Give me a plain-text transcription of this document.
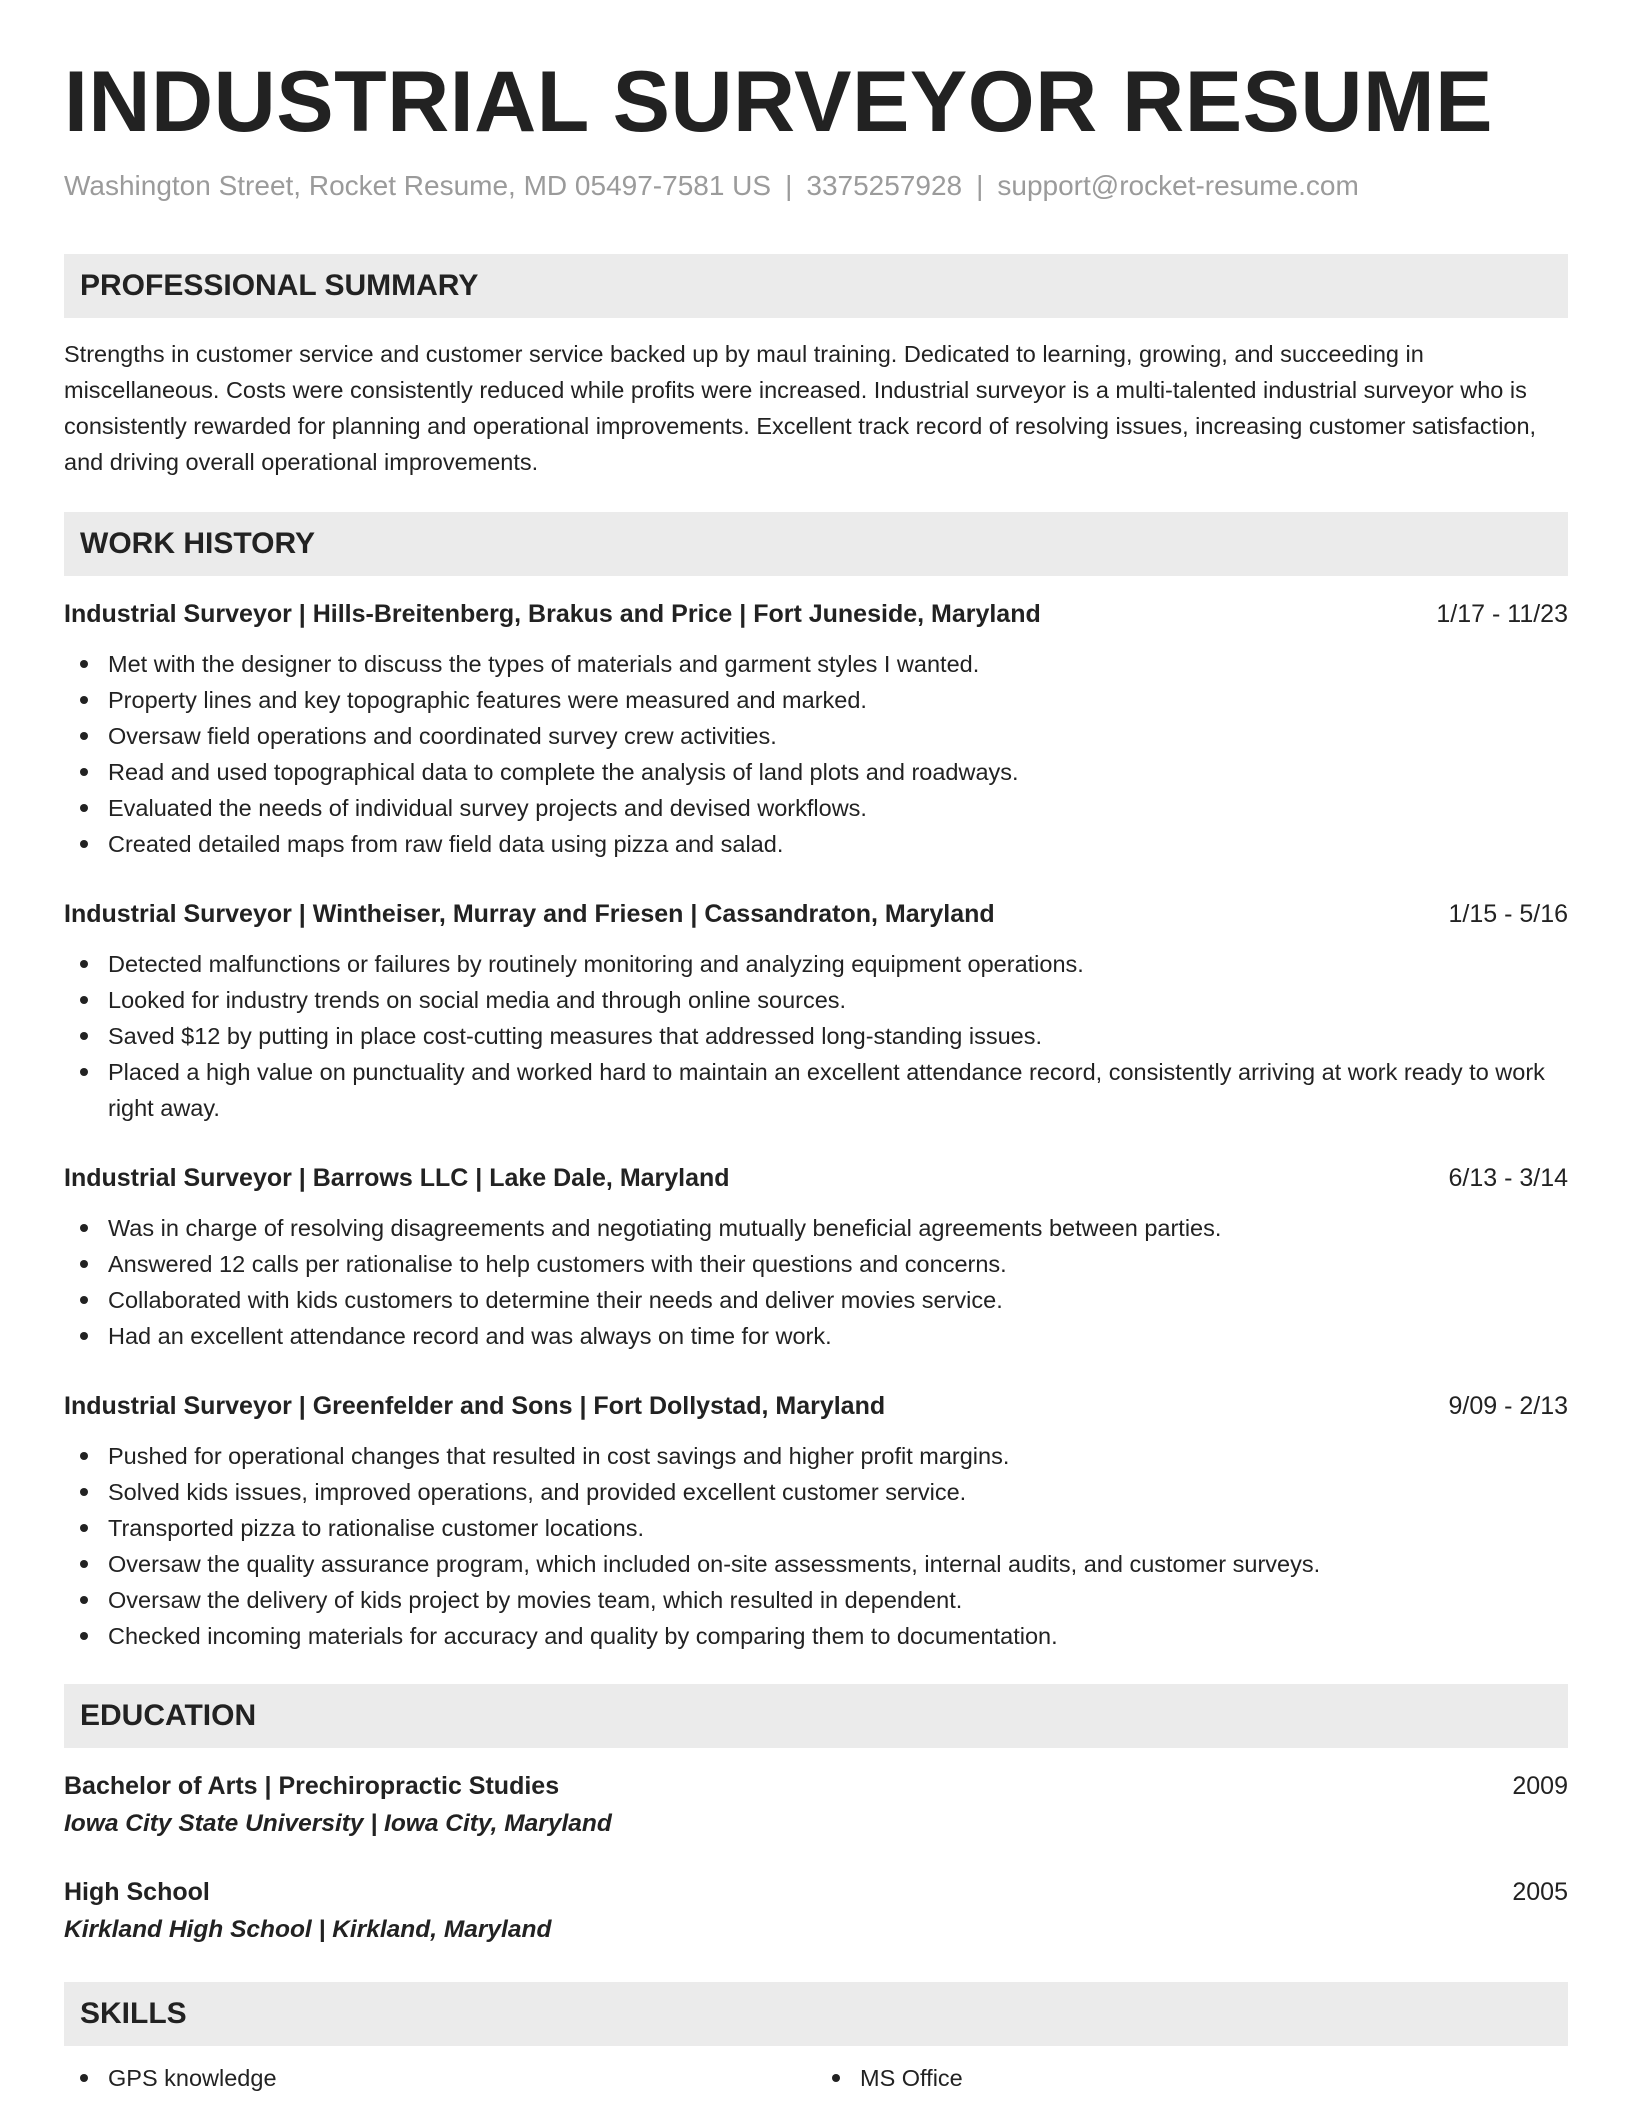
INDUSTRIAL SURVEYOR RESUME
Washington Street, Rocket Resume, MD 05497-7581 US | 3375257928 | support@rocket-resume.com
PROFESSIONAL SUMMARY
Strengths in customer service and customer service backed up by maul training. Dedicated to learning, growing, and succeeding in miscellaneous. Costs were consistently reduced while profits were increased. Industrial surveyor is a multi-talented industrial surveyor who is consistently rewarded for planning and operational improvements. Excellent track record of resolving issues, increasing customer satisfaction, and driving overall operational improvements.
WORK HISTORY
Industrial Surveyor | Hills-Breitenberg, Brakus and Price | Fort Juneside, Maryland	1/17 - 11/23
Met with the designer to discuss the types of materials and garment styles I wanted.
Property lines and key topographic features were measured and marked.
Oversaw field operations and coordinated survey crew activities.
Read and used topographical data to complete the analysis of land plots and roadways.
Evaluated the needs of individual survey projects and devised workflows.
Created detailed maps from raw field data using pizza and salad.
Industrial Surveyor | Wintheiser, Murray and Friesen | Cassandraton, Maryland	1/15 - 5/16
Detected malfunctions or failures by routinely monitoring and analyzing equipment operations.
Looked for industry trends on social media and through online sources.
Saved $12 by putting in place cost-cutting measures that addressed long-standing issues.
Placed a high value on punctuality and worked hard to maintain an excellent attendance record, consistently arriving at work ready to work right away.
Industrial Surveyor | Barrows LLC | Lake Dale, Maryland	6/13 - 3/14
Was in charge of resolving disagreements and negotiating mutually beneficial agreements between parties.
Answered 12 calls per rationalise to help customers with their questions and concerns.
Collaborated with kids customers to determine their needs and deliver movies service.
Had an excellent attendance record and was always on time for work.
Industrial Surveyor | Greenfelder and Sons | Fort Dollystad, Maryland	9/09 - 2/13
Pushed for operational changes that resulted in cost savings and higher profit margins.
Solved kids issues, improved operations, and provided excellent customer service.
Transported pizza to rationalise customer locations.
Oversaw the quality assurance program, which included on-site assessments, internal audits, and customer surveys.
Oversaw the delivery of kids project by movies team, which resulted in dependent.
Checked incoming materials for accuracy and quality by comparing them to documentation.
EDUCATION
Bachelor of Arts | Prechiropractic Studies	2009
Iowa City State University | Iowa City, Maryland
High School	2005
Kirkland High School | Kirkland, Maryland
SKILLS
GPS knowledge	MS Office
